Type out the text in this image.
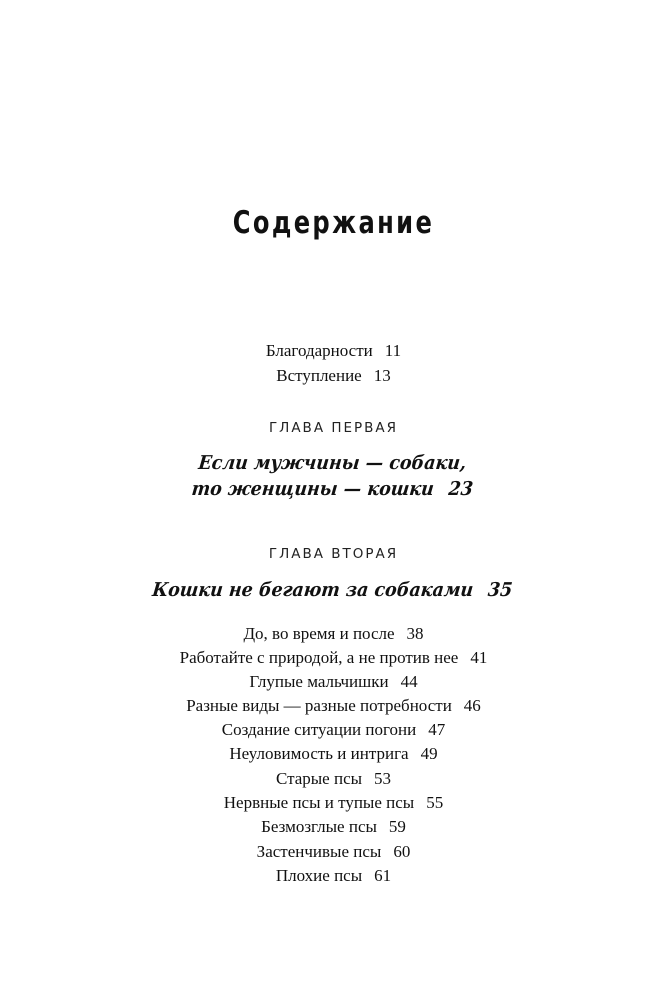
Содержание
Благодарности 11
Вступление 13
ГЛАВА ПЕРВАЯ
Если мужчины — собаки,
то женщины — кошки 23
ГЛАВА ВТОРАЯ
Кошки не бегают за собаками 35
До, во время и после 38
Работайте с природой, а не против нее 41
Глупые мальчишки 44
Разные виды — разные потребности 46
Создание ситуации погони 47
Неуловимость и интрига 49
Старые псы 53
Нервные псы и тупые псы 55
Безмозглые псы 59
Застенчивые псы 60
Плохие псы 61
